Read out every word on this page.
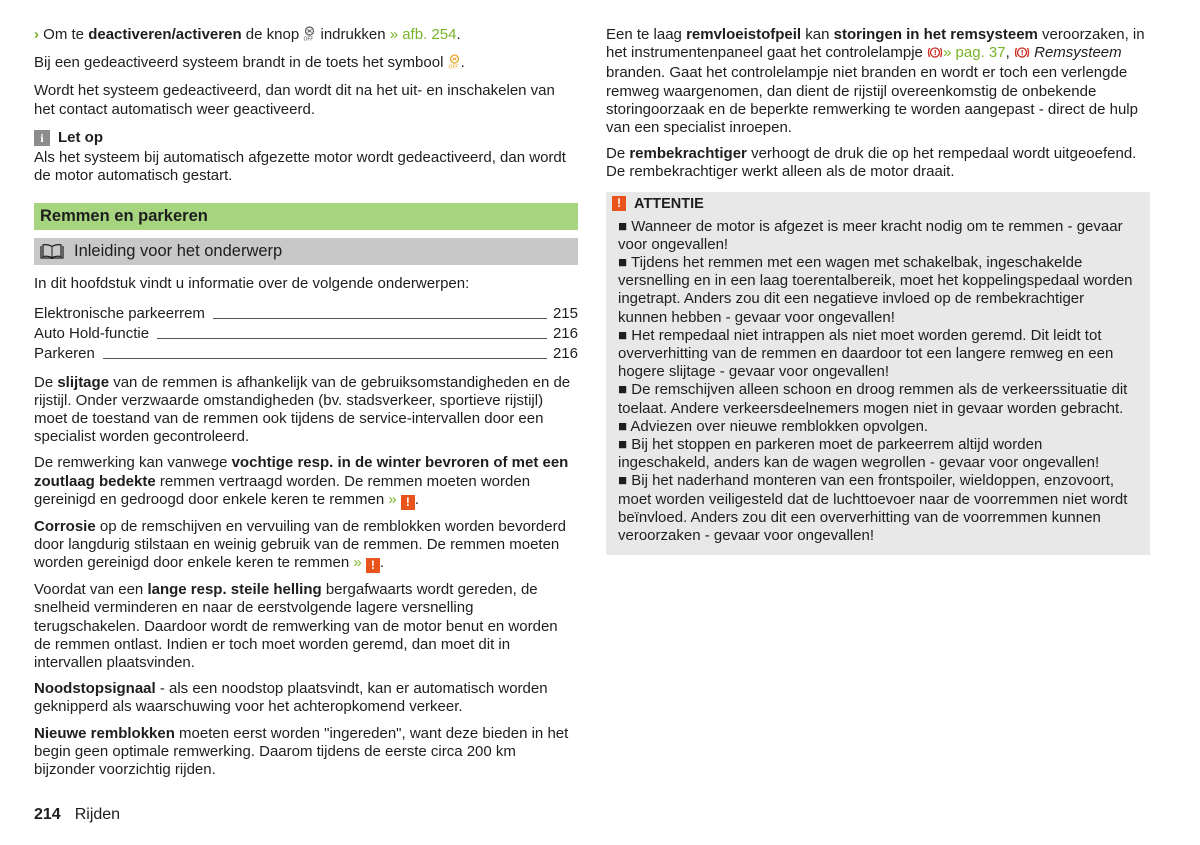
› Om te deactiveren/activeren de knop OFF indrukken » afb. 254.

Bij een gedeactiveerd systeem brandt in de toets het symbool OFF .

Wordt het systeem gedeactiveerd, dan wordt dit na het uit- en inschakelen van het contact automatisch weer geactiveerd.

i Let op

Als het systeem bij automatisch afgezette motor wordt gedeactiveerd, dan wordt de motor automatisch gestart.

Remmen en parkeren
Inleiding voor het onderwerp

In dit hoofdstuk vindt u informatie over de volgende onderwerpen:

Elektronische parkeerrem	215
Auto Hold-functie	216
Parkeren	216

De slijtage van de remmen is afhankelijk van de gebruiksomstandigheden en de rijstijl. Onder verzwaarde omstandigheden (bv. stadsverkeer, sportieve rijstijl) moet de toestand van de remmen ook tijdens de service-intervallen door een specialist worden gecontroleerd.

De remwerking kan vanwege vochtige resp. in de winter bevroren of met een zoutlaag bedekte remmen vertraagd worden. De remmen moeten worden gereinigd en gedroogd door enkele keren te remmen » ! .

Corrosie op de remschijven en vervuiling van de remblokken worden bevorderd door langdurig stilstaan en weinig gebruik van de remmen. De remmen moeten worden gereinigd door enkele keren te remmen » ! .

Voordat van een lange resp. steile helling bergafwaarts wordt gereden, de snelheid verminderen en naar de eerstvolgende lagere versnelling terugschakelen. Daardoor wordt de remwerking van de motor benut en worden de remmen ontlast. Indien er toch moet worden geremd, dan moet dit in intervallen plaatsvinden.

Noodstopsignaal - als een noodstop plaatsvindt, kan er automatisch worden geknipperd als waarschuwing voor het achteropkomend verkeer.

Nieuwe remblokken moeten eerst worden "ingereden", want deze bieden in het begin geen optimale remwerking. Daarom tijdens de eerste circa 200 km bijzonder voorzichtig rijden.

Een te laag remvloeistofpeil kan storingen in het remsysteem veroorzaken, in het instrumentenpaneel gaat het controlelampje ! » pag. 37, ! Remsysteem branden. Gaat het controlelampje niet branden en wordt er toch een verlengde remweg waargenomen, dan dient de rijstijl overeenkomstig de onbekende storingoorzaak en de beperkte remwerking te worden aangepast - direct de hulp van een specialist inroepen.

De rembekrachtiger verhoogt de druk die op het rempedaal wordt uitgeoefend. De rembekrachtiger werkt alleen als de motor draait.

! ATTENTIE
■ Wanneer de motor is afgezet is meer kracht nodig om te remmen - gevaar voor ongevallen!
■ Tijdens het remmen met een wagen met schakelbak, ingeschakelde versnelling en in een laag toerentalbereik, moet het koppelingspedaal worden ingetrapt. Anders zou dit een negatieve invloed op de rembekrachtiger kunnen hebben - gevaar voor ongevallen!
■ Het rempedaal niet intrappen als niet moet worden geremd. Dit leidt tot oververhitting van de remmen en daardoor tot een langere remweg en een hogere slijtage - gevaar voor ongevallen!
■ De remschijven alleen schoon en droog remmen als de verkeerssituatie dit toelaat. Andere verkeersdeelnemers mogen niet in gevaar worden gebracht.
■ Adviezen over nieuwe remblokken opvolgen.
■ Bij het stoppen en parkeren moet de parkeerrem altijd worden ingeschakeld, anders kan de wagen wegrollen - gevaar voor ongevallen!
■ Bij het naderhand monteren van een frontspoiler, wieldoppen, enzovoort, moet worden veiligesteld dat de luchttoevoer naar de voorremmen niet wordt beïnvloed. Anders zou dit een oververhitting van de voorremmen kunnen veroorzaken - gevaar voor ongevallen!
214 Rijden
